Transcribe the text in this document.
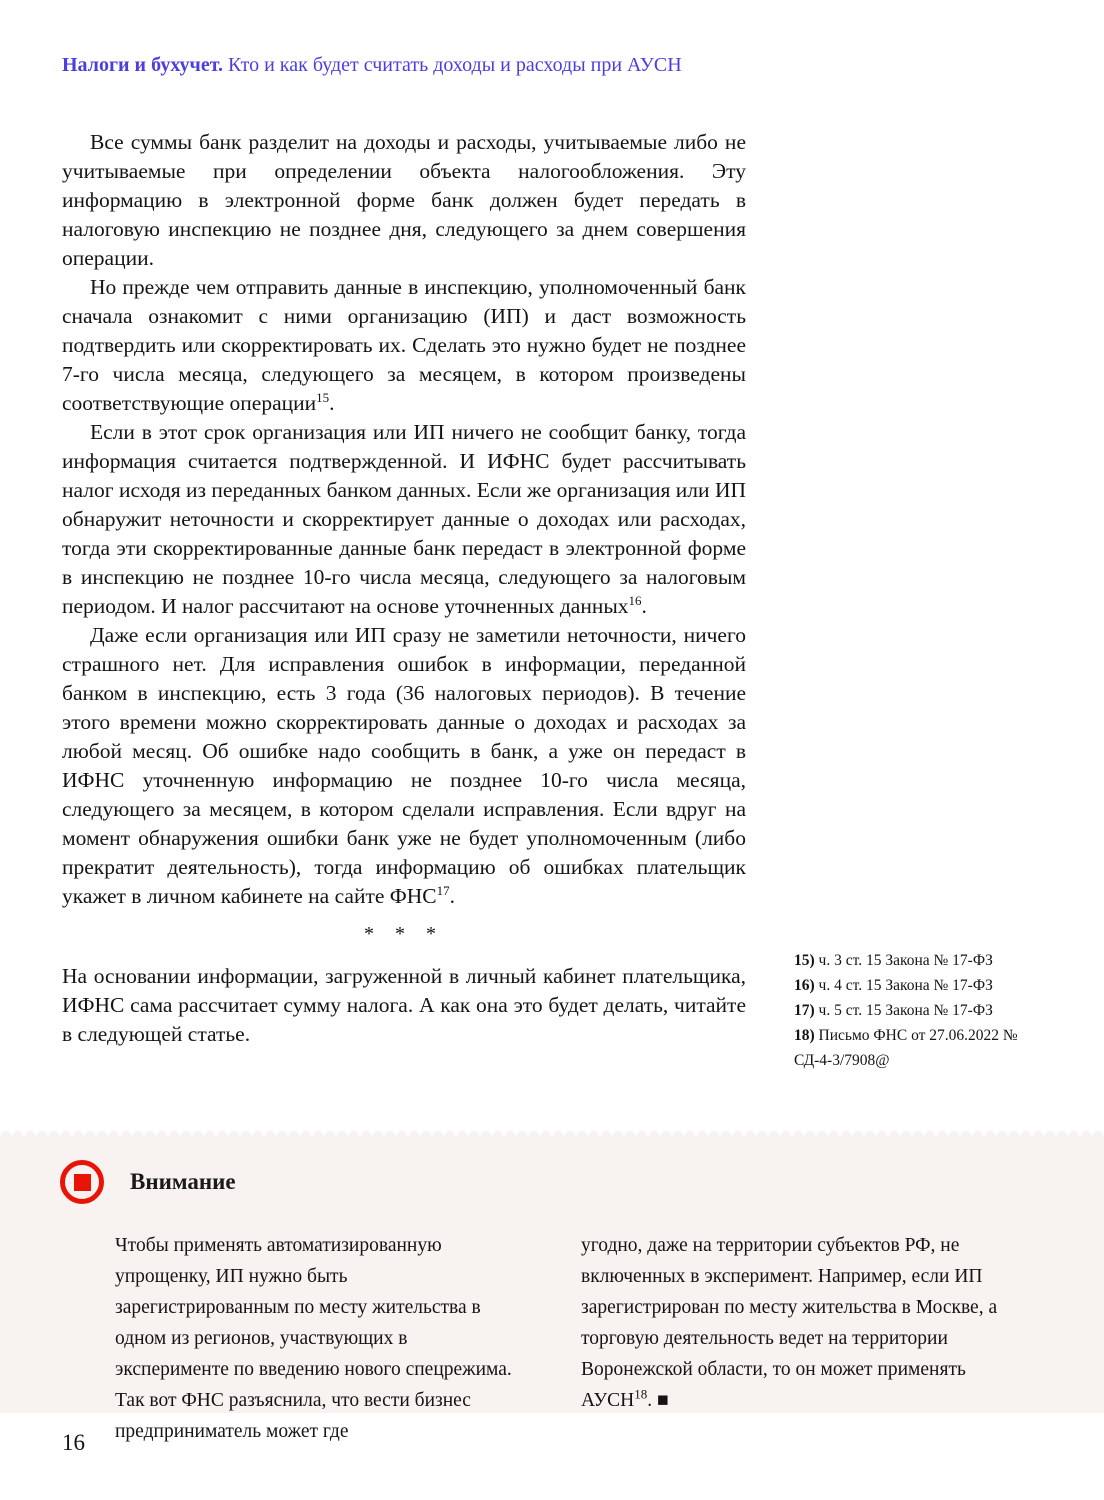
Налоги и бухучет. Кто и как будет считать доходы и расходы при АУСН

Все суммы банк разделит на доходы и расходы, учитываемые либо не учитываемые при определении объекта налогообложения. Эту информацию в электронной форме банк должен будет передать в налоговую инспекцию не позднее дня, следующего за днем совершения операции.

Но прежде чем отправить данные в инспекцию, уполномоченный банк сначала ознакомит с ними организацию (ИП) и даст возможность подтвердить или скорректировать их. Сделать это нужно будет не позднее 7-го числа месяца, следующего за месяцем, в котором произведены соответствующие операции$^{15}$.

Если в этот срок организация или ИП ничего не сообщит банку, тогда информация считается подтвержденной. И ИФНС будет рассчитывать налог исходя из переданных банком данных. Если же организация или ИП обнаружит неточности и скорректирует данные о доходах или расходах, тогда эти скорректированные данные банк передаст в электронной форме в инспекцию не позднее 10-го числа месяца, следующего за налоговым периодом. И налог рассчитают на основе уточненных данных$^{16}$.

Даже если организация или ИП сразу не заметили неточности, ничего страшного нет. Для исправления ошибок в информации, переданной банком в инспекцию, есть 3 года (36 налоговых периодов). В течение этого времени можно скорректировать данные о доходах и расходах за любой месяц. Об ошибке надо сообщить в банк, а уже он передаст в ИФНС уточненную информацию не позднее 10-го числа месяца, следующего за месяцем, в котором сделали исправления. Если вдруг на момент обнаружения ошибки банк уже не будет уполномоченным (либо прекратит деятельность), тогда информацию об ошибках плательщик укажет в личном кабинете на сайте ФНС$^{17}$.

* * *

На основании информации, загруженной в личный кабинет плательщика, ИФНС сама рассчитает сумму налога. А как она это будет делать, читайте в следующей статье.

15) ч. 3 ст. 15 Закона № 17-ФЗ

16) ч. 4 ст. 15 Закона № 17-ФЗ

17) ч. 5 ст. 15 Закона № 17-ФЗ

18) Письмо ФНС от 27.06.2022 № СД-4-3/7908@

Внимание

Чтобы применять автоматизированную упрощенку, ИП нужно быть зарегистрированным по месту жительства в одном из регионов, участвующих в эксперименте по введению нового спецрежима. Так вот ФНС разъяснила, что вести бизнес предприниматель может где

угодно, даже на территории субъектов РФ, не включенных в эксперимент. Например, если ИП зарегистрирован по месту жительства в Москве, а торговую деятельность ведет на территории Воронежской области, то он может применять АУСН$^{18}$. ■

16
